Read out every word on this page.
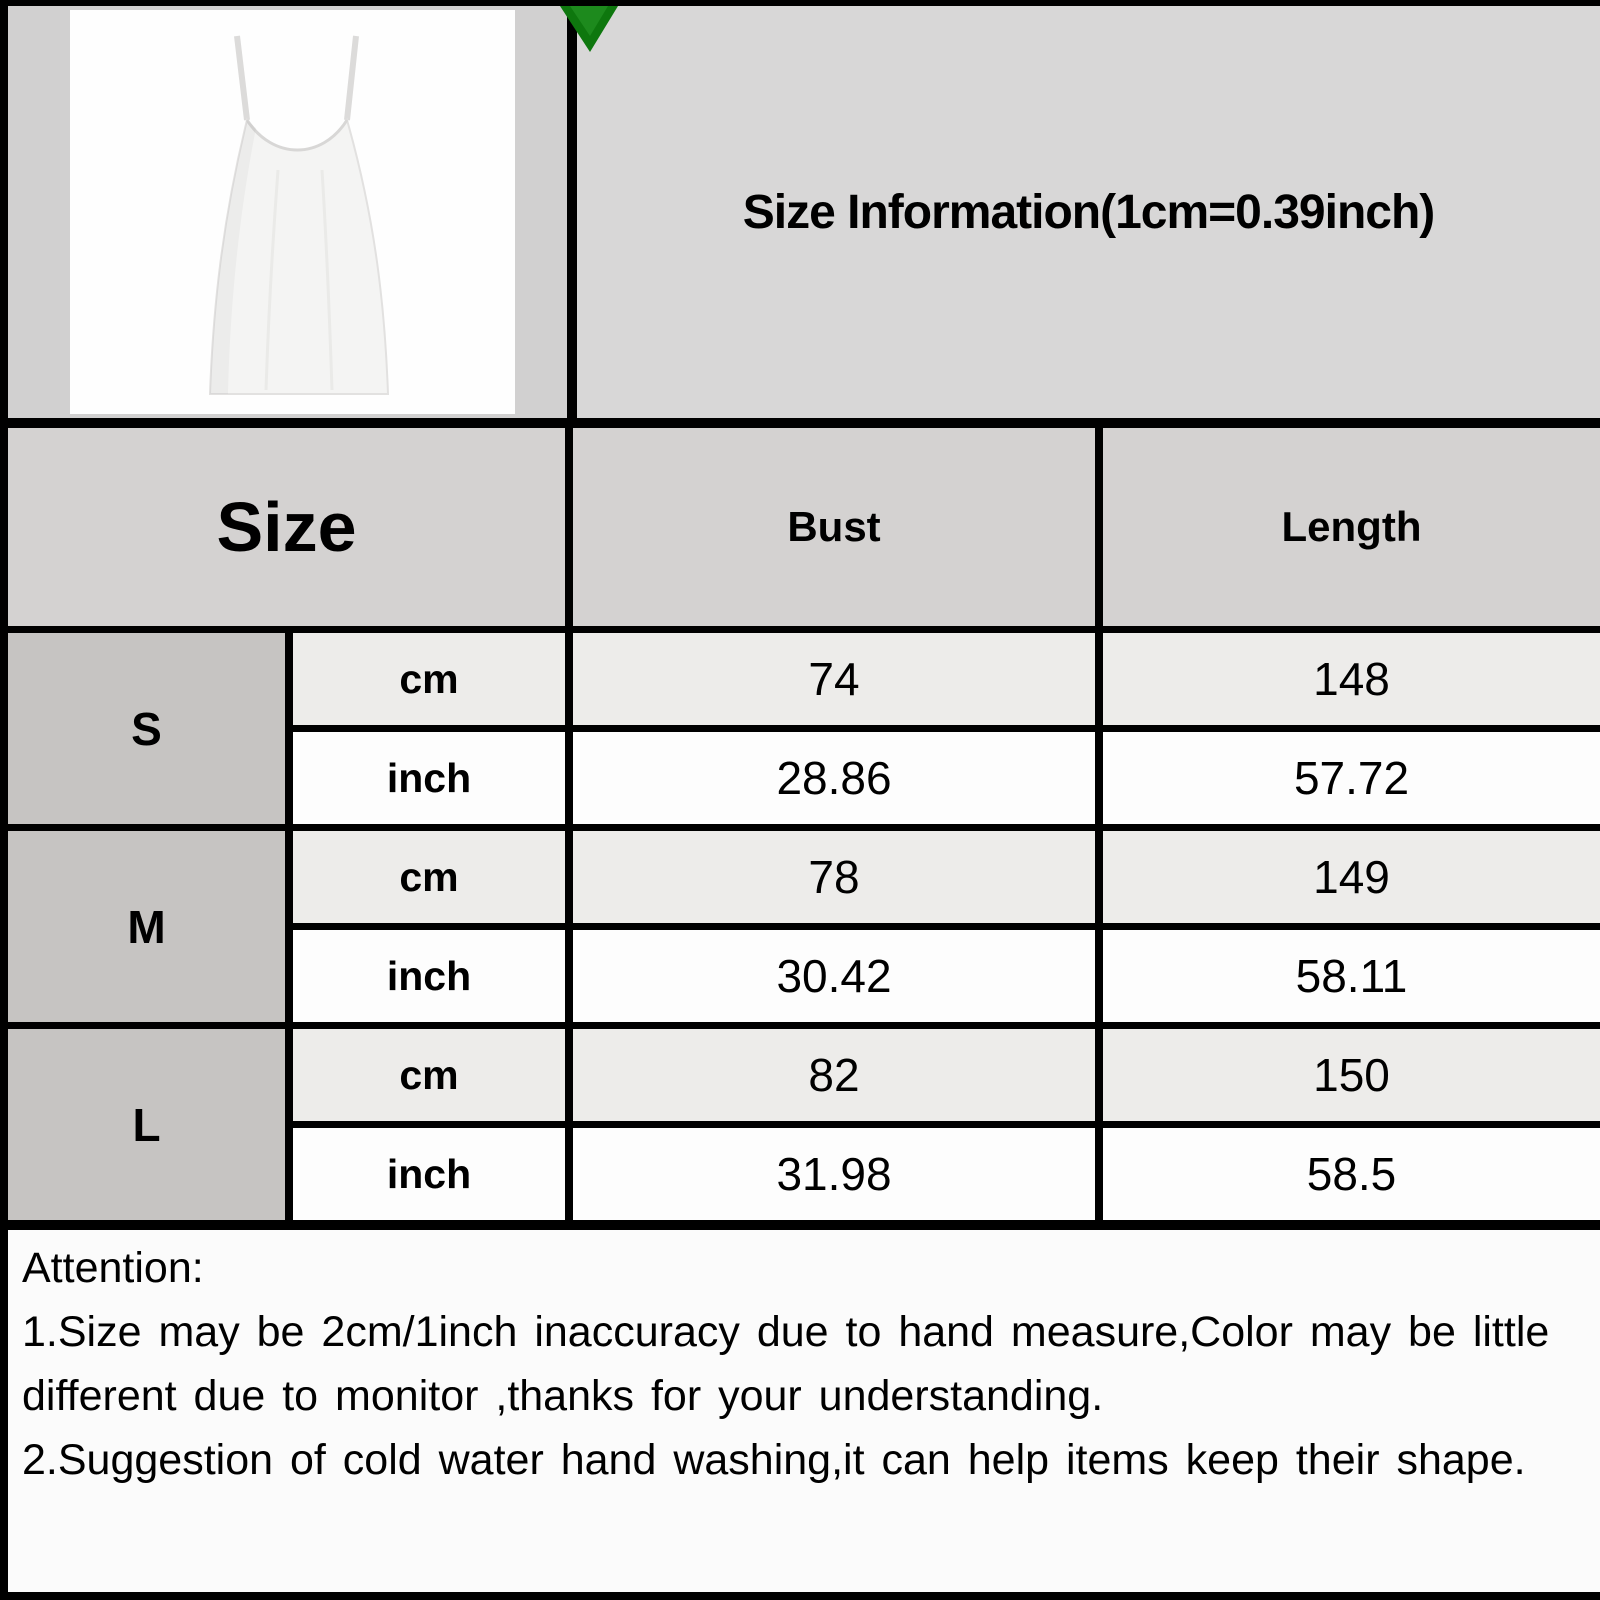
Size Information(1cm=0.39inch)
Size	Bust	Length
S
cm	74	148
inch	28.86	57.72
M
cm	78	149
inch	30.42	58.11
L
cm	82	150
inch	31.98	58.5

Attention:

1.Size may be 2cm/1inch inaccuracy due to hand measure,Color may be little different due to monitor ,thanks for your understanding.

2.Suggestion of cold water hand washing,it can help items keep their shape.
